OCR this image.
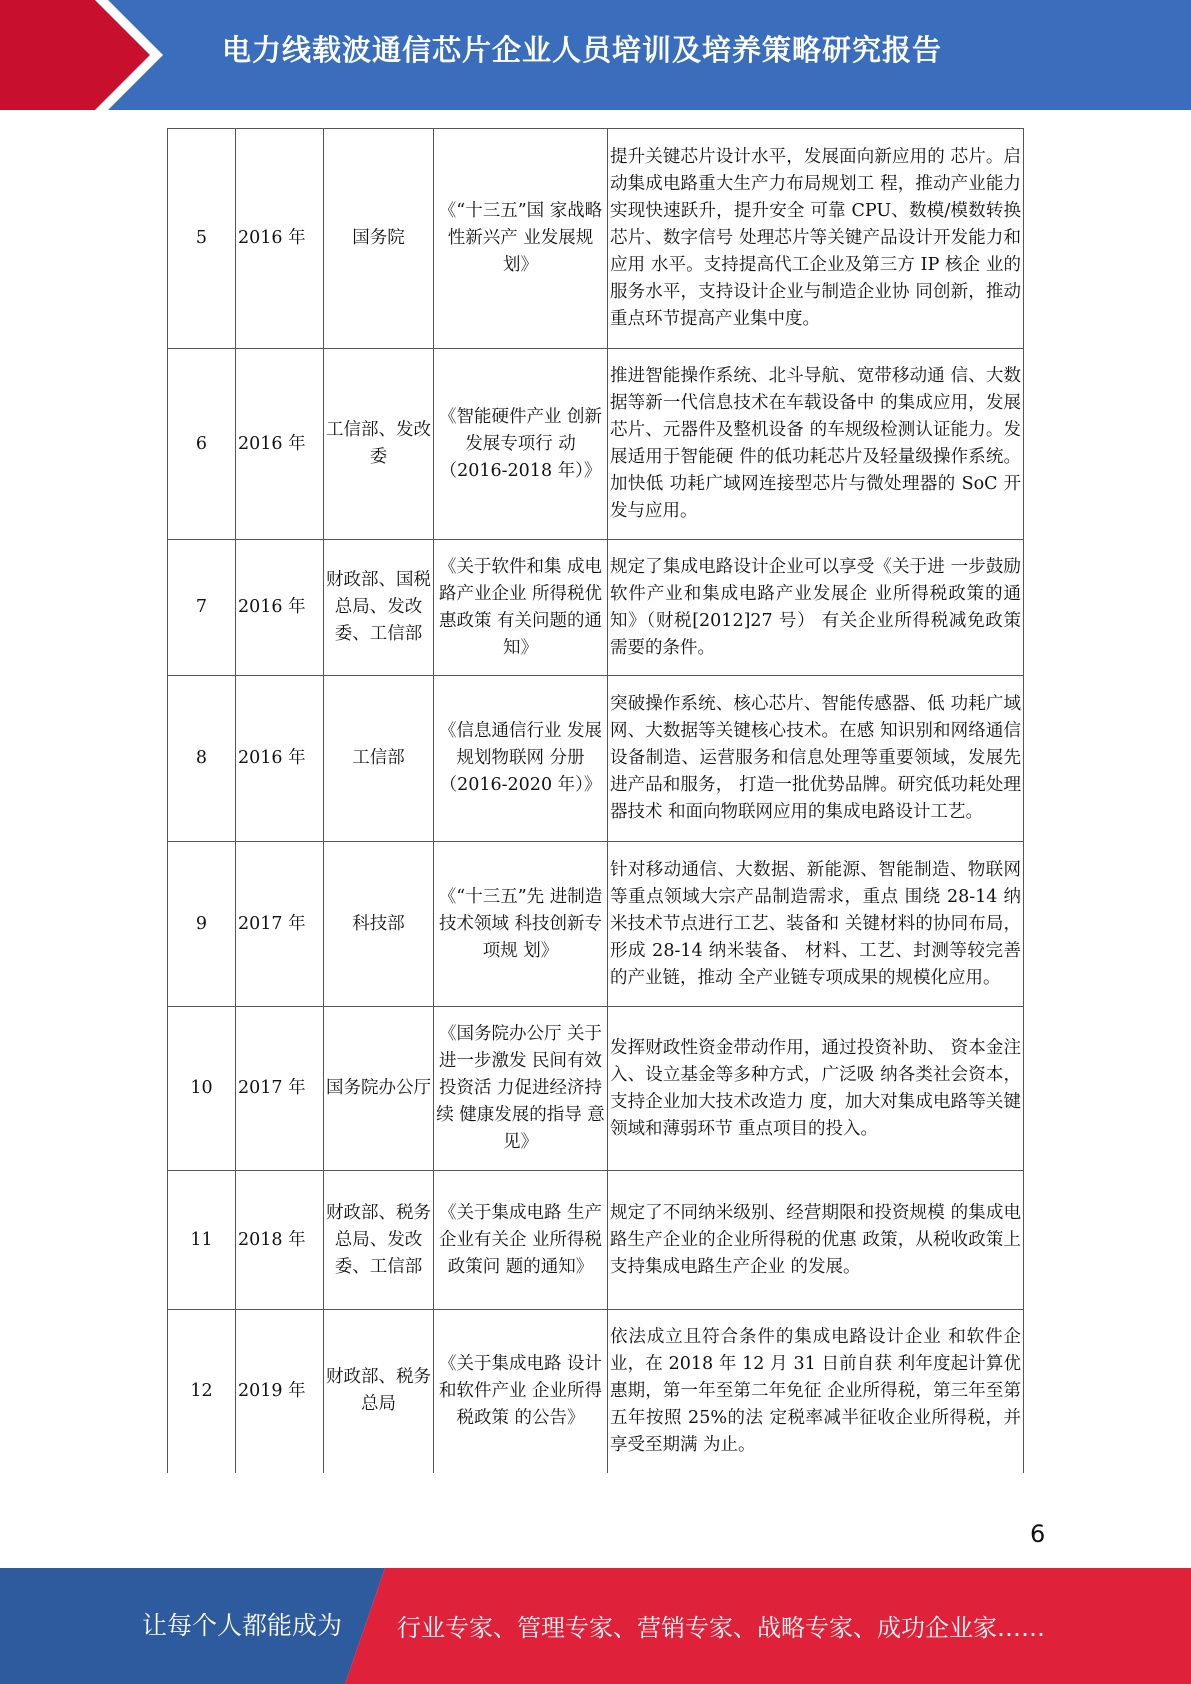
电力线载波通信芯片企业人员培训及培养策略研究报告
5	2016 年	国务院	《“十三五”国 家战略性新兴产 业发展规划》	提升关键芯片设计水平，发展面向新应用的 芯片。启动集成电路重大生产力布局规划工 程，推动产业能力实现快速跃升，提升安全 可靠 CPU、数模/模数转换芯片、数字信号 处理芯片等关键产品设计开发能力和应用 水平。支持提高代工企业及第三方 IP 核企 业的服务水平，支持设计企业与制造企业协 同创新，推动重点环节提高产业集中度。
6	2016 年	工信部、发改委	《智能硬件产业 创新发展专项行 动（2016-2018 年）》	推进智能操作系统、北斗导航、宽带移动通 信、大数据等新一代信息技术在车载设备中 的集成应用，发展芯片、元器件及整机设备 的车规级检测认证能力。发展适用于智能硬 件的低功耗芯片及轻量级操作系统。加快低 功耗广域网连接型芯片与微处理器的 SoC 开发与应用。
7	2016 年	财政部、国税总局、发改委、工信部	《关于软件和集 成电路产业企业 所得税优惠政策 有关问题的通 知》	规定了集成电路设计企业可以享受《关于进 一步鼓励软件产业和集成电路产业发展企 业所得税政策的通知》（财税[2012]27 号） 有关企业所得税减免政策需要的条件。
8	2016 年	工信部	《信息通信行业 发展规划物联网 分册（2016-2020 年）》	突破操作系统、核心芯片、智能传感器、低 功耗广域网、大数据等关键核心技术。在感 知识别和网络通信设备制造、运营服务和信息处理等重要领域，发展先进产品和服务， 打造一批优势品牌。研究低功耗处理器技术 和面向物联网应用的集成电路设计工艺。
9	2017 年	科技部	《“十三五”先 进制造技术领域 科技创新专项规 划》	针对移动通信、大数据、新能源、智能制造、物联网等重点领域大宗产品制造需求，重点 围绕 28-14 纳米技术节点进行工艺、装备和 关键材料的协同布局，形成 28-14 纳米装备、 材料、工艺、封测等较完善的产业链，推动 全产业链专项成果的规模化应用。
10	2017 年	国务院办公厅	《国务院办公厅 关于进一步激发 民间有效投资活 力促进经济持续 健康发展的指导 意见》	发挥财政性资金带动作用，通过投资补助、 资本金注入、设立基金等多种方式，广泛吸 纳各类社会资本，支持企业加大技术改造力 度，加大对集成电路等关键领域和薄弱环节 重点项目的投入。
11	2018 年	财政部、税务总局、发改委、工信部	《关于集成电路 生产企业有关企 业所得税政策问 题的通知》	规定了不同纳米级别、经营期限和投资规模 的集成电路生产企业的企业所得税的优惠 政策，从税收政策上支持集成电路生产企业 的发展。
12	2019 年	财政部、税务总局	《关于集成电路 设计和软件产业 企业所得税政策 的公告》	依法成立且符合条件的集成电路设计企业 和软件企业，在 2018 年 12 月 31 日前自获 利年度起计算优惠期，第一年至第二年免征 企业所得税，第三年至第五年按照 25%的法 定税率减半征收企业所得税，并享受至期满 为止。
6
让每个人都能成为 行业专家、管理专家、营销专家、战略专家、成功企业家……
